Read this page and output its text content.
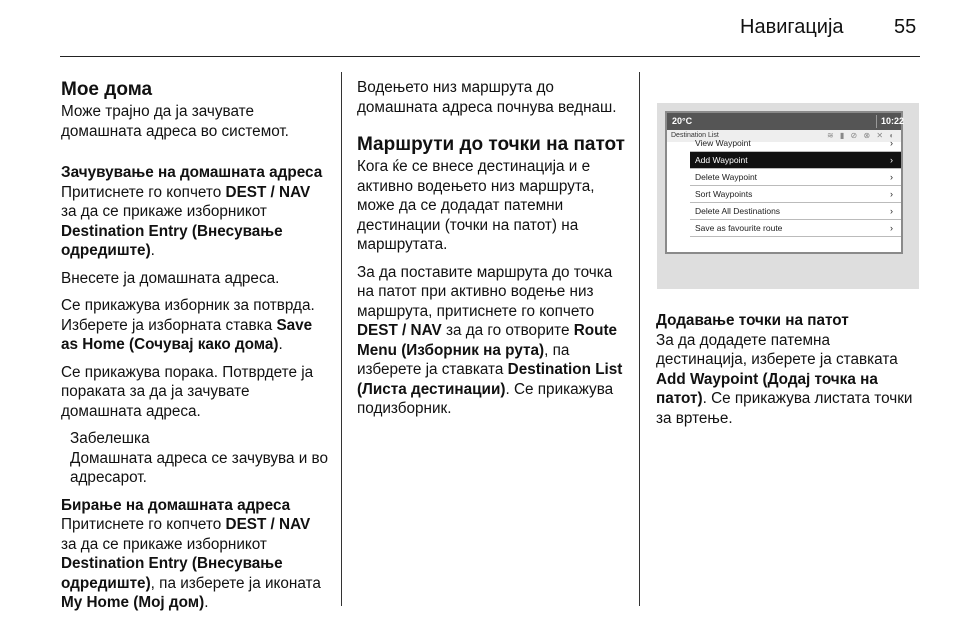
Навигација	55
Мое дома

Може трајно да ја зачувате домашната адреса во системот.

Зачувување на домашната адреса

Притиснете го копчето DEST / NAV за да се прикаже изборникот Destination Entry (Внесување одредиште).

Внесете ја домашната адреса.

Се прикажува изборник за потврда. Изберете ја изборната ставка Save as Home (Сочувај како дома).

Се прикажува порака. Потврдете ја пораката за да ја зачувате домашната адреса.

Забелешка

Домашната адреса се зачувува и во адресарот.

Бирање на домашната адреса

Притиснете го копчето DEST / NAV за да се прикаже изборникот Destination Entry (Внесување одредиште), па изберете ја иконата My Home (Мој дом).

Водењето низ маршрута до домашната адреса почнува веднаш.

Маршрути до точки на патот

Кога ќе се внесе дестинација и е активно водењето низ маршрута, може да се додадат патемни дестинации (точки на патот) на маршрутата.

За да поставите маршрута до точка на патот при активно водење низ маршрута, притиснете го копчето DEST / NAV за да го отворите Route Menu (Изборник на рута), па изберете ја ставката Destination List (Листа дестинации). Се прикажува подизборник.

20°C	10:22
Destination List	≋ ▮ ⊘ ⊗ ✕ ◐
View Waypoint	›
Add Waypoint	›
Delete Waypoint	›
Sort Waypoints	›
Delete All Destinations	›
Save as favourite route	›
Додавање точки на патот

За да додадете патемна дестинација, изберете ја ставката Add Waypoint (Додај точка на патот). Се прикажува листата точки за вртење.
